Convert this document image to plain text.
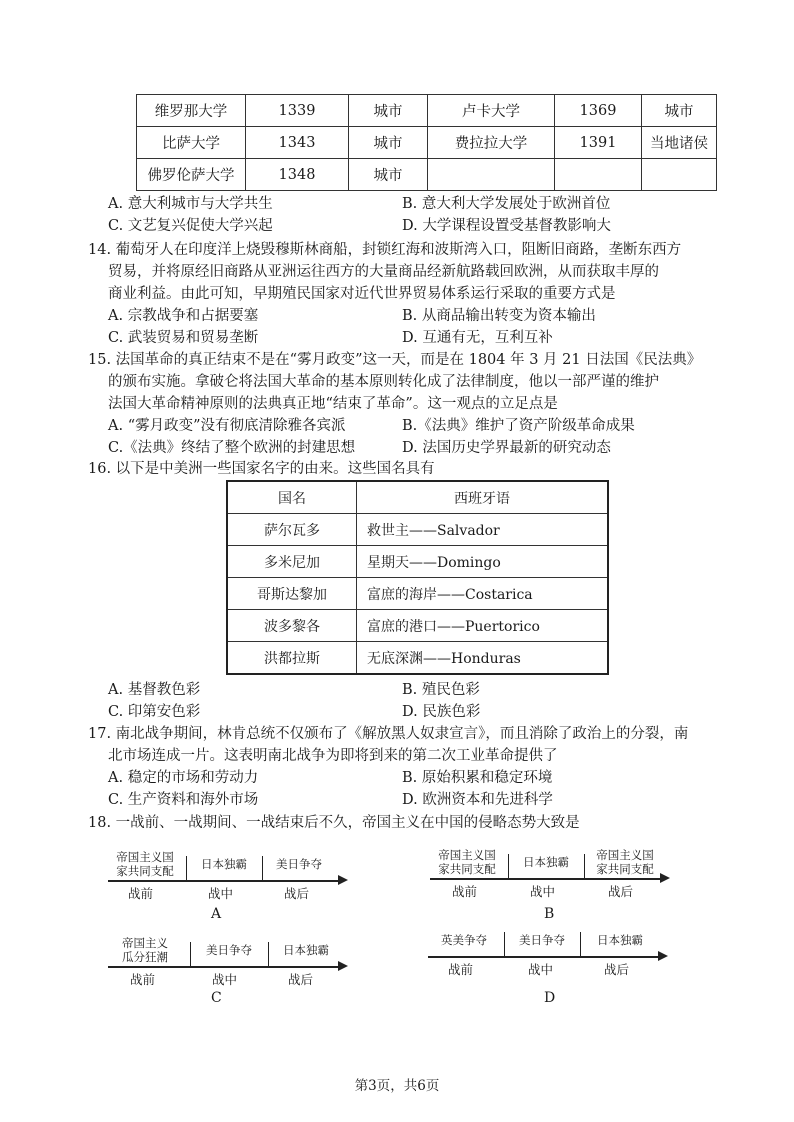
维罗那大学	1339	城市	卢卡大学	1369	城市
比萨大学	1343	城市	费拉拉大学	1391	当地诸侯
佛罗伦萨大学	1348	城市			
A. 意大利城市与大学共生	B. 意大利大学发展处于欧洲首位
C. 文艺复兴促使大学兴起	D. 大学课程设置受基督教影响大
14. 葡萄牙人在印度洋上烧毁穆斯林商船，封锁红海和波斯湾入口，阻断旧商路，垄断东西方
贸易，并将原经旧商路从亚洲运往西方的大量商品经新航路载回欧洲，从而获取丰厚的
商业利益。由此可知，早期殖民国家对近代世界贸易体系运行采取的重要方式是
A. 宗教战争和占据要塞	B. 从商品输出转变为资本输出
C. 武装贸易和贸易垄断	D. 互通有无，互利互补
15. 法国革命的真正结束不是在“雾月政变”这一天，而是在 1804 年 3 月 21 日法国《民法典》
的颁布实施。拿破仑将法国大革命的基本原则转化成了法律制度，他以一部严谨的维护
法国大革命精神原则的法典真正地“结束了革命”。这一观点的立足点是
A. “雾月政变”没有彻底清除雅各宾派	B.《法典》维护了资产阶级革命成果
C.《法典》终结了整个欧洲的封建思想	D. 法国历史学界最新的研究动态
16. 以下是中美洲一些国家名字的由来。这些国名具有
国名	西班牙语
萨尔瓦多	救世主——Salvador
多米尼加	星期天——Domingo
哥斯达黎加	富庶的海岸——Costarica
波多黎各	富庶的港口——Puertorico
洪都拉斯	无底深渊——Honduras
A. 基督教色彩	B. 殖民色彩
C. 印第安色彩	D. 民族色彩
17. 南北战争期间，林肯总统不仅颁布了《解放黑人奴隶宣言》，而且消除了政治上的分裂，南
北市场连成一片。这表明南北战争为即将到来的第二次工业革命提供了
A. 稳定的市场和劳动力	B. 原始积累和稳定环境
C. 生产资料和海外市场	D. 欧洲资本和先进科学
18. 一战前、一战期间、一战结束后不久，帝国主义在中国的侵略态势大致是
帝国主义国
家共同支配	日本独霸	美日争夺
战前	战中	战后
A
帝国主义国
家共同支配	日本独霸	帝国主义国
家共同支配
战前	战中	战后
B
帝国主义
瓜分狂潮	美日争夺	日本独霸
战前	战中	战后
C
英美争夺	美日争夺	日本独霸
战前	战中	战后
D
第3页，共6页
